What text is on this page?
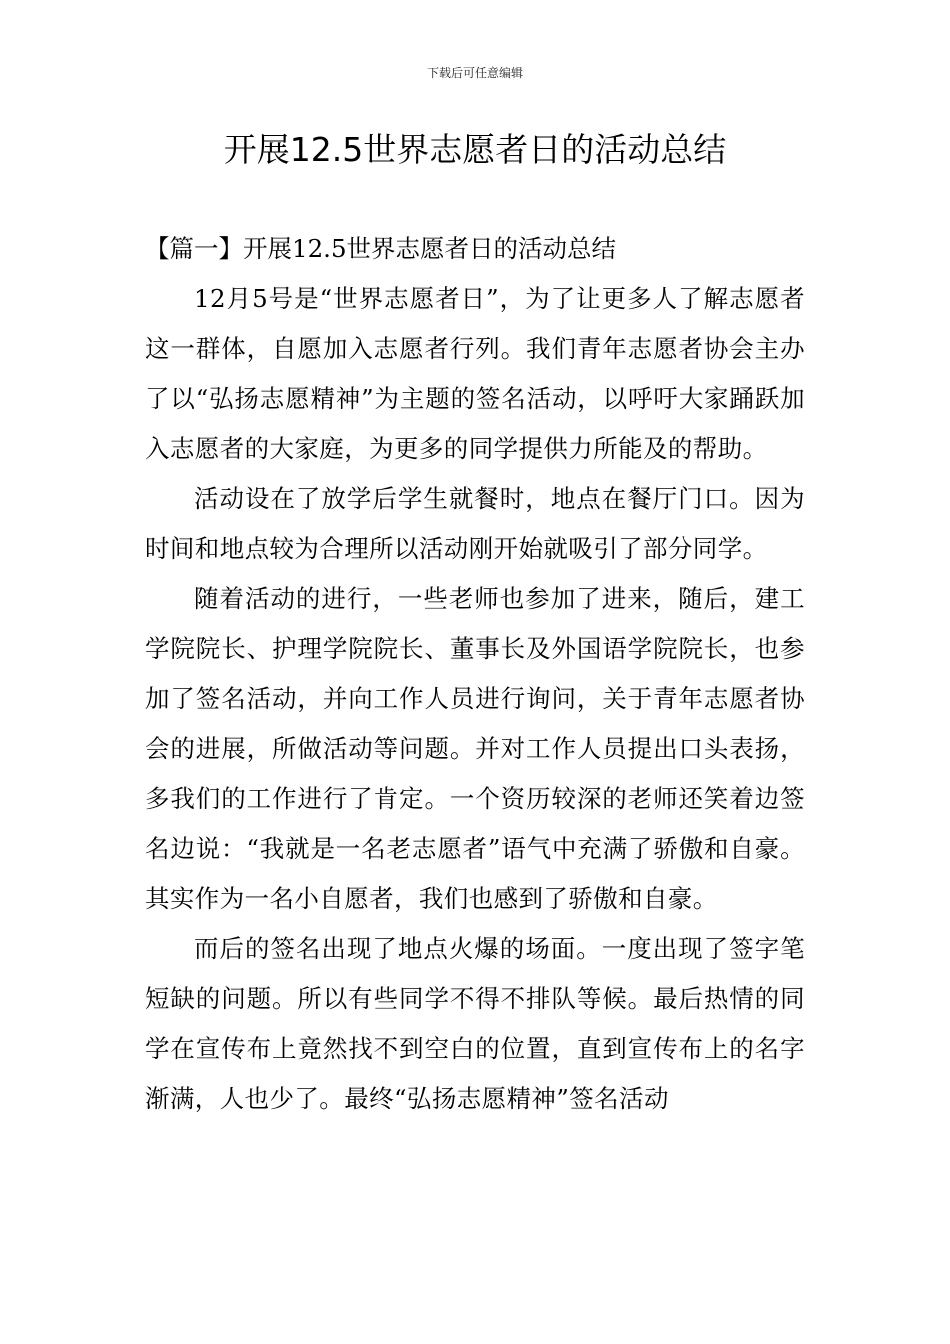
下载后可任意编辑
开展12.5世界志愿者日的活动总结
【篇一】开展12.5世界志愿者日的活动总结

12月5号是“世界志愿者日”，为了让更多人了解志愿者这一群体，自愿加入志愿者行列。我们青年志愿者协会主办了以“弘扬志愿精神”为主题的签名活动，以呼吁大家踊跃加入志愿者的大家庭，为更多的同学提供力所能及的帮助。

活动设在了放学后学生就餐时，地点在餐厅门口。因为时间和地点较为合理所以活动刚开始就吸引了部分同学。

随着活动的进行，一些老师也参加了进来，随后，建工学院院长、护理学院院长、董事长及外国语学院院长，也参加了签名活动，并向工作人员进行询问，关于青年志愿者协会的进展，所做活动等问题。并对工作人员提出口头表扬，多我们的工作进行了肯定。一个资历较深的老师还笑着边签名边说：“我就是一名老志愿者”语气中充满了骄傲和自豪。其实作为一名小自愿者，我们也感到了骄傲和自豪。

而后的签名出现了地点火爆的场面。一度出现了签字笔短缺的问题。所以有些同学不得不排队等候。最后热情的同学在宣传布上竟然找不到空白的位置，直到宣传布上的名字渐满，人也少了。最终“弘扬志愿精神”签名活动
